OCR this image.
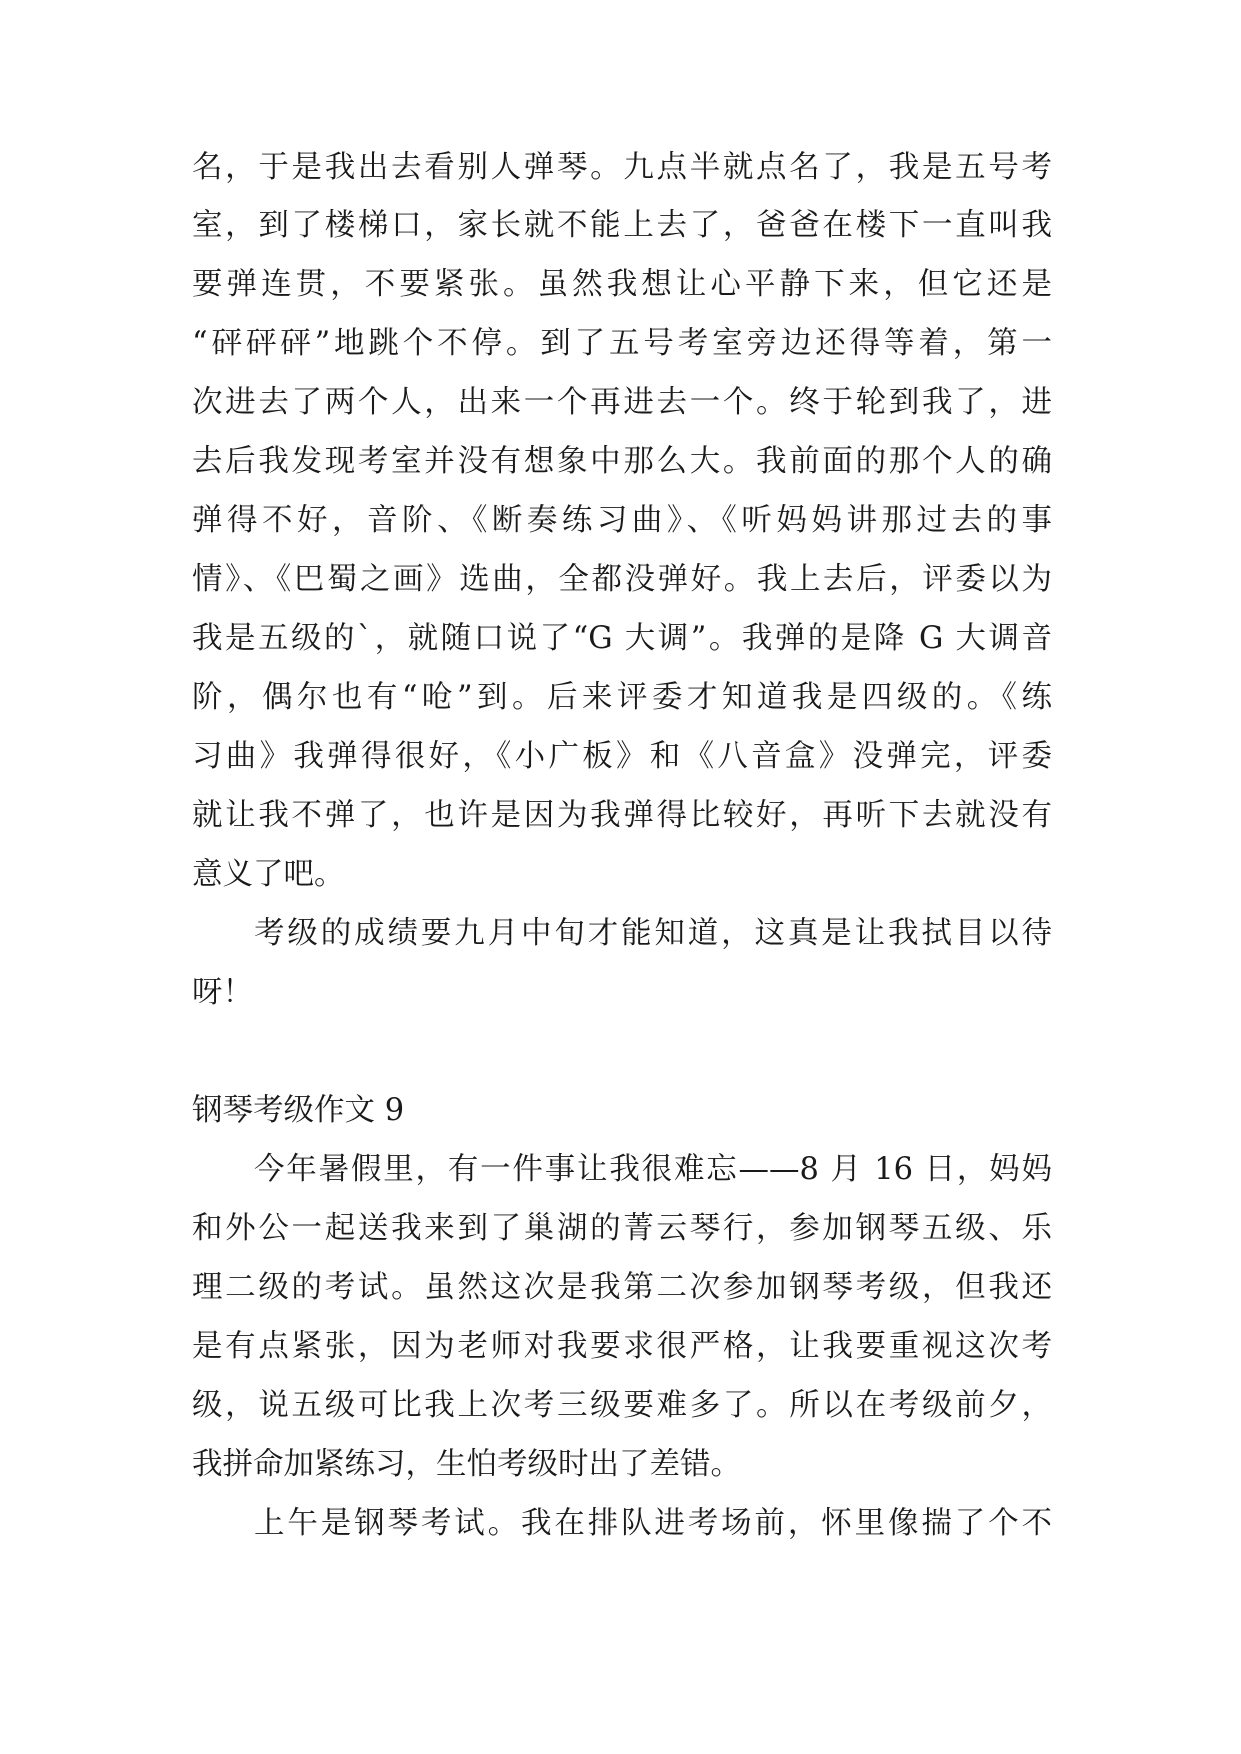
名，于是我出去看别人弹琴。九点半就点名了，我是五号考
室，到了楼梯口，家长就不能上去了，爸爸在楼下一直叫我
要弹连贯，不要紧张。虽然我想让心平静下来，但它还是
“砰砰砰”地跳个不停。到了五号考室旁边还得等着，第一
次进去了两个人，出来一个再进去一个。终于轮到我了，进
去后我发现考室并没有想象中那么大。我前面的那个人的确
弹得不好，音阶、《断奏练习曲》、《听妈妈讲那过去的事
情》、《巴蜀之画》选曲，全都没弹好。我上去后，评委以为
我是五级的`，就随口说了“G 大调”。我弹的是降 G 大调音
阶，偶尔也有“呛”到。后来评委才知道我是四级的。《练
习曲》我弹得很好，《小广板》和《八音盒》没弹完，评委
就让我不弹了，也许是因为我弹得比较好，再听下去就没有
意义了吧。
考级的成绩要九月中旬才能知道，这真是让我拭目以待
呀！
钢琴考级作文 9
今年暑假里，有一件事让我很难忘——8 月 16 日，妈妈
和外公一起送我来到了巢湖的菁云琴行，参加钢琴五级、乐
理二级的考试。虽然这次是我第二次参加钢琴考级，但我还
是有点紧张，因为老师对我要求很严格，让我要重视这次考
级，说五级可比我上次考三级要难多了。所以在考级前夕，
我拼命加紧练习，生怕考级时出了差错。
上午是钢琴考试。我在排队进考场前，怀里像揣了个不
